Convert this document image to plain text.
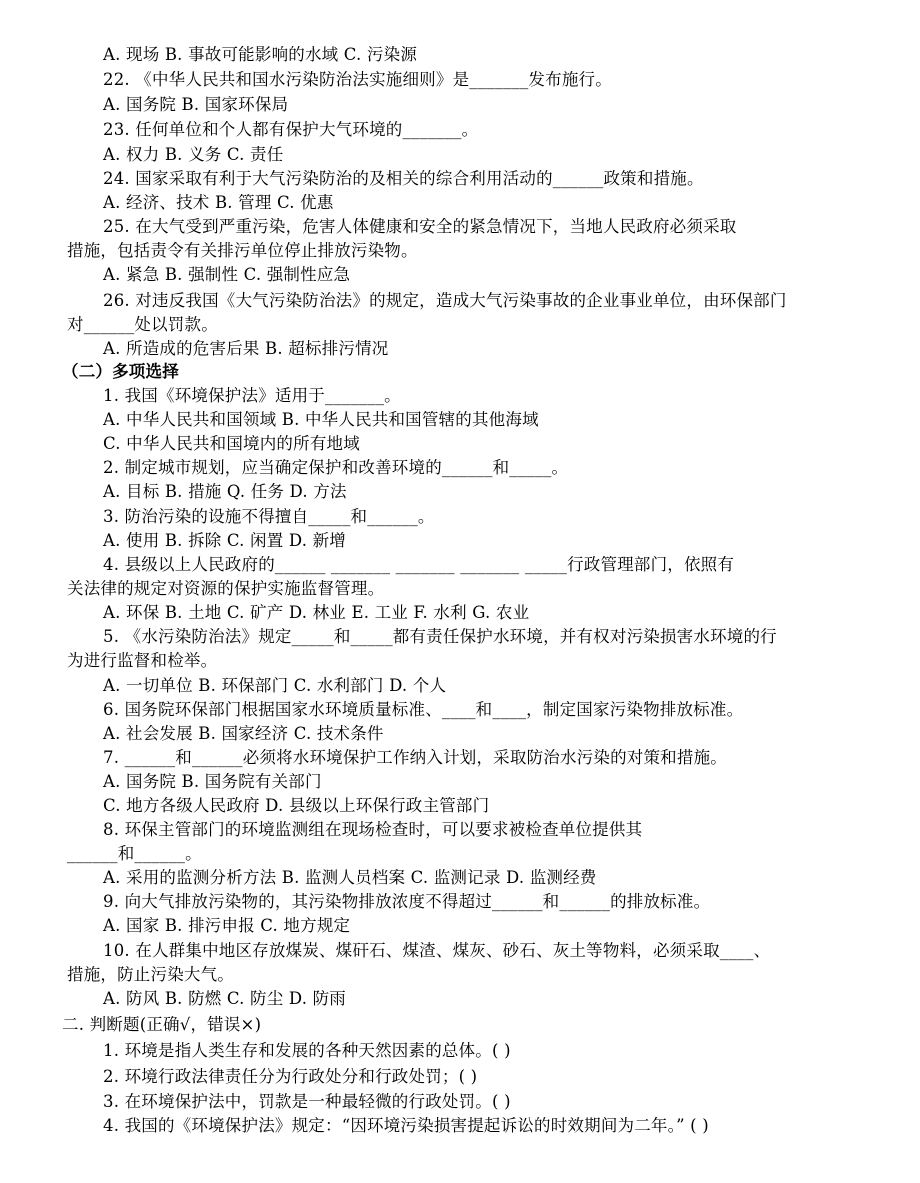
A. 现场 B. 事故可能影响的水域 C. 污染源
22. 《中华人民共和国水污染防治法实施细则》是_______发布施行。
A. 国务院 B. 国家环保局
23. 任何单位和个人都有保护大气环境的_______。
A. 权力 B. 义务 C. 责任
24. 国家采取有利于大气污染防治的及相关的综合利用活动的______政策和措施。
A. 经济、技术 B. 管理 C. 优惠
25. 在大气受到严重污染，危害人体健康和安全的紧急情况下，当地人民政府必须采取
措施，包括责令有关排污单位停止排放污染物。
A. 紧急 B. 强制性 C. 强制性应急
26. 对违反我国《大气污染防治法》的规定，造成大气污染事故的企业事业单位，由环保部门
对______处以罚款。
A. 所造成的危害后果 B. 超标排污情况
（二）多项选择
1. 我国《环境保护法》适用于_______。
A. 中华人民共和国领域 B. 中华人民共和国管辖的其他海域
C. 中华人民共和国境内的所有地域
2. 制定城市规划，应当确定保护和改善环境的______和_____。
A. 目标 B. 措施 Q. 任务 D. 方法
3. 防治污染的设施不得擅自_____和______。
A. 使用 B. 拆除 C. 闲置 D. 新增
4. 县级以上人民政府的______ _______ _______ _______ _____行政管理部门，依照有
关法律的规定对资源的保护实施监督管理。
A. 环保 B. 土地 C. 矿产 D. 林业 E. 工业 F. 水利 G. 农业
5. 《水污染防治法》规定_____和_____都有责任保护水环境，并有权对污染损害水环境的行
为进行监督和检举。
A. 一切单位 B. 环保部门 C. 水利部门 D. 个人
6. 国务院环保部门根据国家水环境质量标准、____和____，制定国家污染物排放标准。
A. 社会发展 B. 国家经济 C. 技术条件
7. ______和______必须将水环境保护工作纳入计划，采取防治水污染的对策和措施。
A. 国务院 B. 国务院有关部门
C. 地方各级人民政府 D. 县级以上环保行政主管部门
8. 环保主管部门的环境监测组在现场检查时，可以要求被检查单位提供其
______和______。
A. 采用的监测分析方法 B. 监测人员档案 C. 监测记录 D. 监测经费
9. 向大气排放污染物的，其污染物排放浓度不得超过______和______的排放标准。
A. 国家 B. 排污申报 C. 地方规定
10. 在人群集中地区存放煤炭、煤矸石、煤渣、煤灰、砂石、灰土等物料，必须采取____、
措施，防止污染大气。
A. 防风 B. 防燃 C. 防尘 D. 防雨
二. 判断题(正确√，错误×)
1. 环境是指人类生存和发展的各种天然因素的总体。( )
2. 环境行政法律责任分为行政处分和行政处罚；( )
3. 在环境保护法中，罚款是一种最轻微的行政处罚。( )
4. 我国的《环境保护法》规定：“因环境污染损害提起诉讼的时效期间为二年。” ( )
